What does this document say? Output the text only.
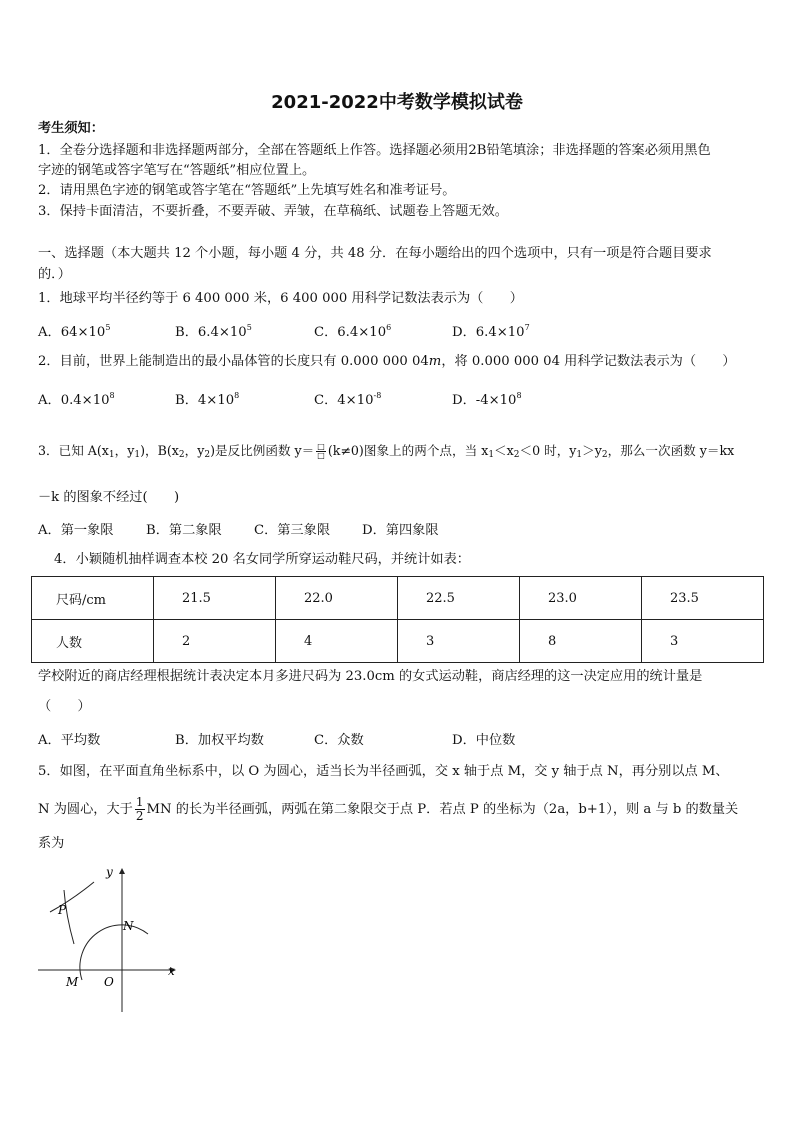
2021-2022中考数学模拟试卷
考生须知：
1．全卷分选择题和非选择题两部分，全部在答题纸上作答。选择题必须用2B铅笔填涂；非选择题的答案必须用黑色
字迹的钢笔或答字笔写在“答题纸”相应位置上。
2．请用黑色字迹的钢笔或答字笔在“答题纸”上先填写姓名和准考证号。
3．保持卡面清洁，不要折叠，不要弄破、弄皱，在草稿纸、试题卷上答题无效。
一、选择题（本大题共 12 个小题，每小题 4 分，共 48 分．在每小题给出的四个选项中，只有一项是符合题目要求
的．）
1．地球平均半径约等于 6 400 000 米，6 400 000 用科学记数法表示为（　　）
A．$64\times 10^5$	B．$6.4\times 10^5$	C．$6.4\times 10^6$	D．$6.4\times 10^7$
2．目前，世界上能制造出的最小晶体管的长度只有 0.000 000 04m，将 0.000 000 04 用科学记数法表示为（　　）
A．$0.4\times 10^8$	B．$4\times 10^8$	C．$4\times 10^{-8}$	D．$-4\times 10^8$
3．已知 $A(x_1$，$y_1$)，$B(x_2$，$y_2$)是反比例函数 $y= \frac{□}{□} (k\ne 0)$图象上的两个点，当 $x_1<x_2<0$ 时，$y_1>y_2$，那么一次函数 y＝kx
－k 的图象不经过(　　)
A．第一象限 B．第二象限 C．第三象限 D．第四象限
4．小颖随机抽样调查本校 20 名女同学所穿运动鞋尺码，并统计如表：
尺码/cm	21.5	22.0	22.5	23.0	23.5
人数	2	4	3	8	3
学校附近的商店经理根据统计表决定本月多进尺码为 23.0cm 的女式运动鞋，商店经理的这一决定应用的统计量是
（　　）
A．平均数	B．加权平均数	C．众数	D．中位数
5．如图，在平面直角坐标系中，以 O 为圆心，适当长为半径画弧，交 x 轴于点 M，交 y 轴于点 N，再分别以点 M、
N 为圆心，大于 $\frac{1}{2}$ MN 的长为半径画弧，两弧在第二象限交于点 P．若点 P 的坐标为（2a，b+1），则 a 与 b 的数量关
系为
x
y
P
N
M O
